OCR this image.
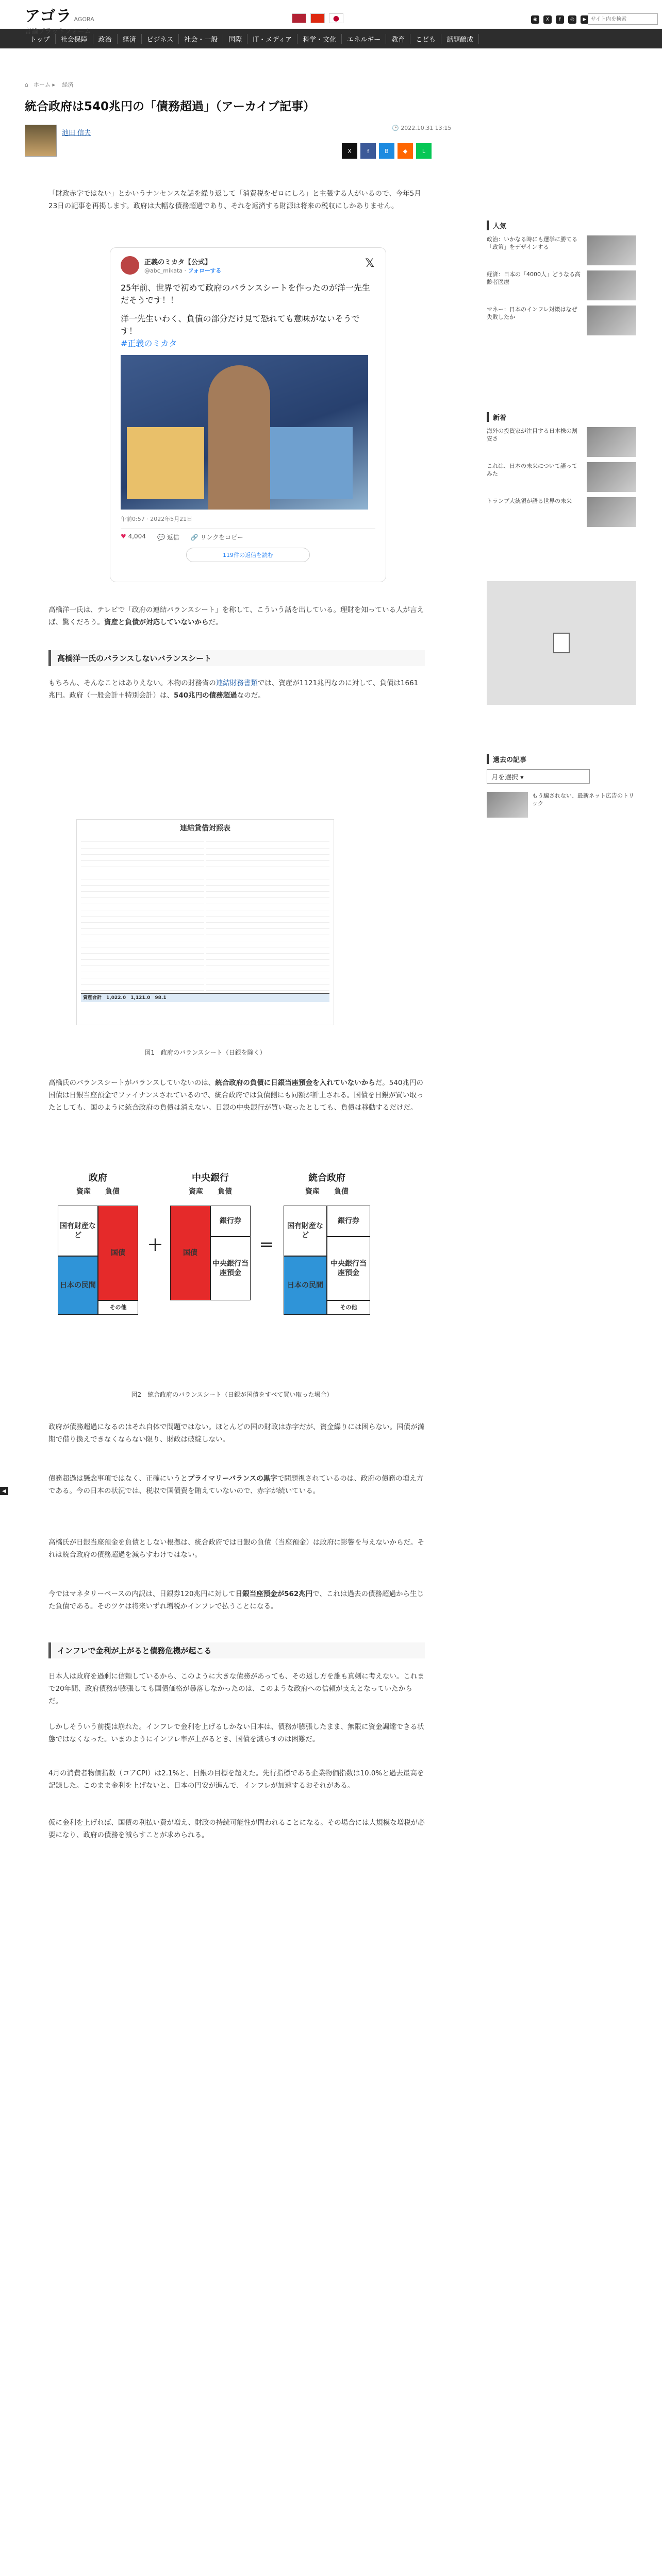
アゴラ AGORA
言論プラットフォーム
●	◉	X	f	◎	▶
サイト内を検索
トップ	社会保障	政治	経済	ビジネス	社会・一般	国際	IT・メディア	科学・文化	エネルギー	教育	こども	話題醸成
⌂ ホーム ▸ 経済
統合政府は540兆円の「債務超過」（アーカイブ記事）
池田 信夫
🕑 2022.10.31 13:15
X	f	B	◆	L

「財政赤字ではない」とかいうナンセンスな話を繰り返して「消費税をゼロにしろ」と主張する人がいるので、今年5月23日の記事を再掲します。政府は大幅な債務超過であり、それを返済する財源は将来の税収にしかありません。

正義のミカタ【公式】
@abc_mikata · フォローする
𝕏
25年前、世界で初めて政府のバランスシートを作ったのが洋一先生だそうです！！
洋一先生いわく、負債の部分だけ見て恐れても意味がないそうです！
#正義のミカタ
午前0:57 · 2022年5月21日
♥ 4,004 💬 返信 🔗 リンクをコピー
119件の返信を読む

高橋洋一氏は、テレビで「政府の連結バランスシート」を称して、こういう話を出している。理財を知っている人が言えば、驚くだろう。資産と負債が対応していないからだ。

高橋洋一氏のバランスしないバランスシート

もちろん、そんなことはありえない。本物の財務省の連結財務書類では、資産が1121兆円なのに対して、負債は1661兆円。政府（一般会計＋特別会計）は、540兆円の債務超過なのだ。

連結貸借対照表
資産合計　 1,022.0　 1,121.0　 98.1
図1　政府のバランスシート（日銀を除く）

高橋氏のバランスシートがバランスしていないのは、統合政府の負債に日銀当座預金を入れていないからだ。540兆円の国債は日銀当座預金でファイナンスされているので、統合政府では負債側にも同額が計上される。国債を日銀が買い取ったとしても、国のように統合政府の負債は消えない。日銀の中央銀行が買い取ったとしても、負債は移動するだけだ。

政府
資産　　 負債
国有財産など
日本の民間
国債
その他
＋
中央銀行
資産　　 負債
国債
銀行券
中央銀行当座預金
＝
統合政府
資産　　 負債
国有財産など
日本の民間
銀行券
中央銀行当座預金
その他
図2　統合政府のバランスシート（日銀が国債をすべて買い取った場合）

政府が債務超過になるのはそれ自体で問題ではない。ほとんどの国の財政は赤字だが、資金繰りには困らない。国債が満期で借り換えできなくならない限り、財政は破綻しない。

債務超過は懸念事項ではなく、正確にいうとプライマリーバランスの黒字で問題視されているのは、政府の債務の増え方である。今の日本の状況では、税収で国債費を賄えていないので、赤字が続いている。

高橋氏が日銀当座預金を負債としない根拠は、統合政府では日銀の負債（当座預金）は政府に影響を与えないからだ。それは統合政府の債務超過を減らすわけではない。

今ではマネタリーベースの内訳は、日銀券120兆円に対して日銀当座預金が562兆円で、これは過去の債務超過から生じた負債である。そのツケは将来いずれ増税かインフレで払うことになる。

インフレで金利が上がると債務危機が起こる

日本人は政府を過剰に信頼しているから、このように大きな債務があっても、その返し方を誰も真剣に考えない。これまで20年間、政府債務が膨張しても国債価格が暴落しなかったのは、このような政府への信頼が支えとなっていたからだ。

しかしそういう前提は崩れた。インフレで金利を上げるしかない日本は、債務が膨張したまま、無限に資金調達できる状態ではなくなった。いまのようにインフレ率が上がるとき、国債を減らすのは困難だ。

4月の消費者物価指数（コアCPI）は2.1%と、日銀の目標を超えた。先行指標である企業物価指数は10.0%と過去最高を記録した。このまま金利を上げないと、日本の円安が進んで、インフレが加速するおそれがある。

仮に金利を上げれば、国債の利払い費が増え、財政の持続可能性が問われることになる。その場合には大規模な増税が必要になり、政府の債務を減らすことが求められる。

◀
人気
政治：いかなる時にも選挙に勝てる「政策」をデザインする
経済：日本の「4000人」どうなる高齢者医療
マネー：日本のインフレ対策はなぜ失敗したか
新着
海外の投資家が注目する日本株の割安さ
これは、日本の未来について語ってみた
トランプ大統領が語る世界の未来
過去の記事
月を選択 ▾
もう騙されない、最新ネット広告のトリック
